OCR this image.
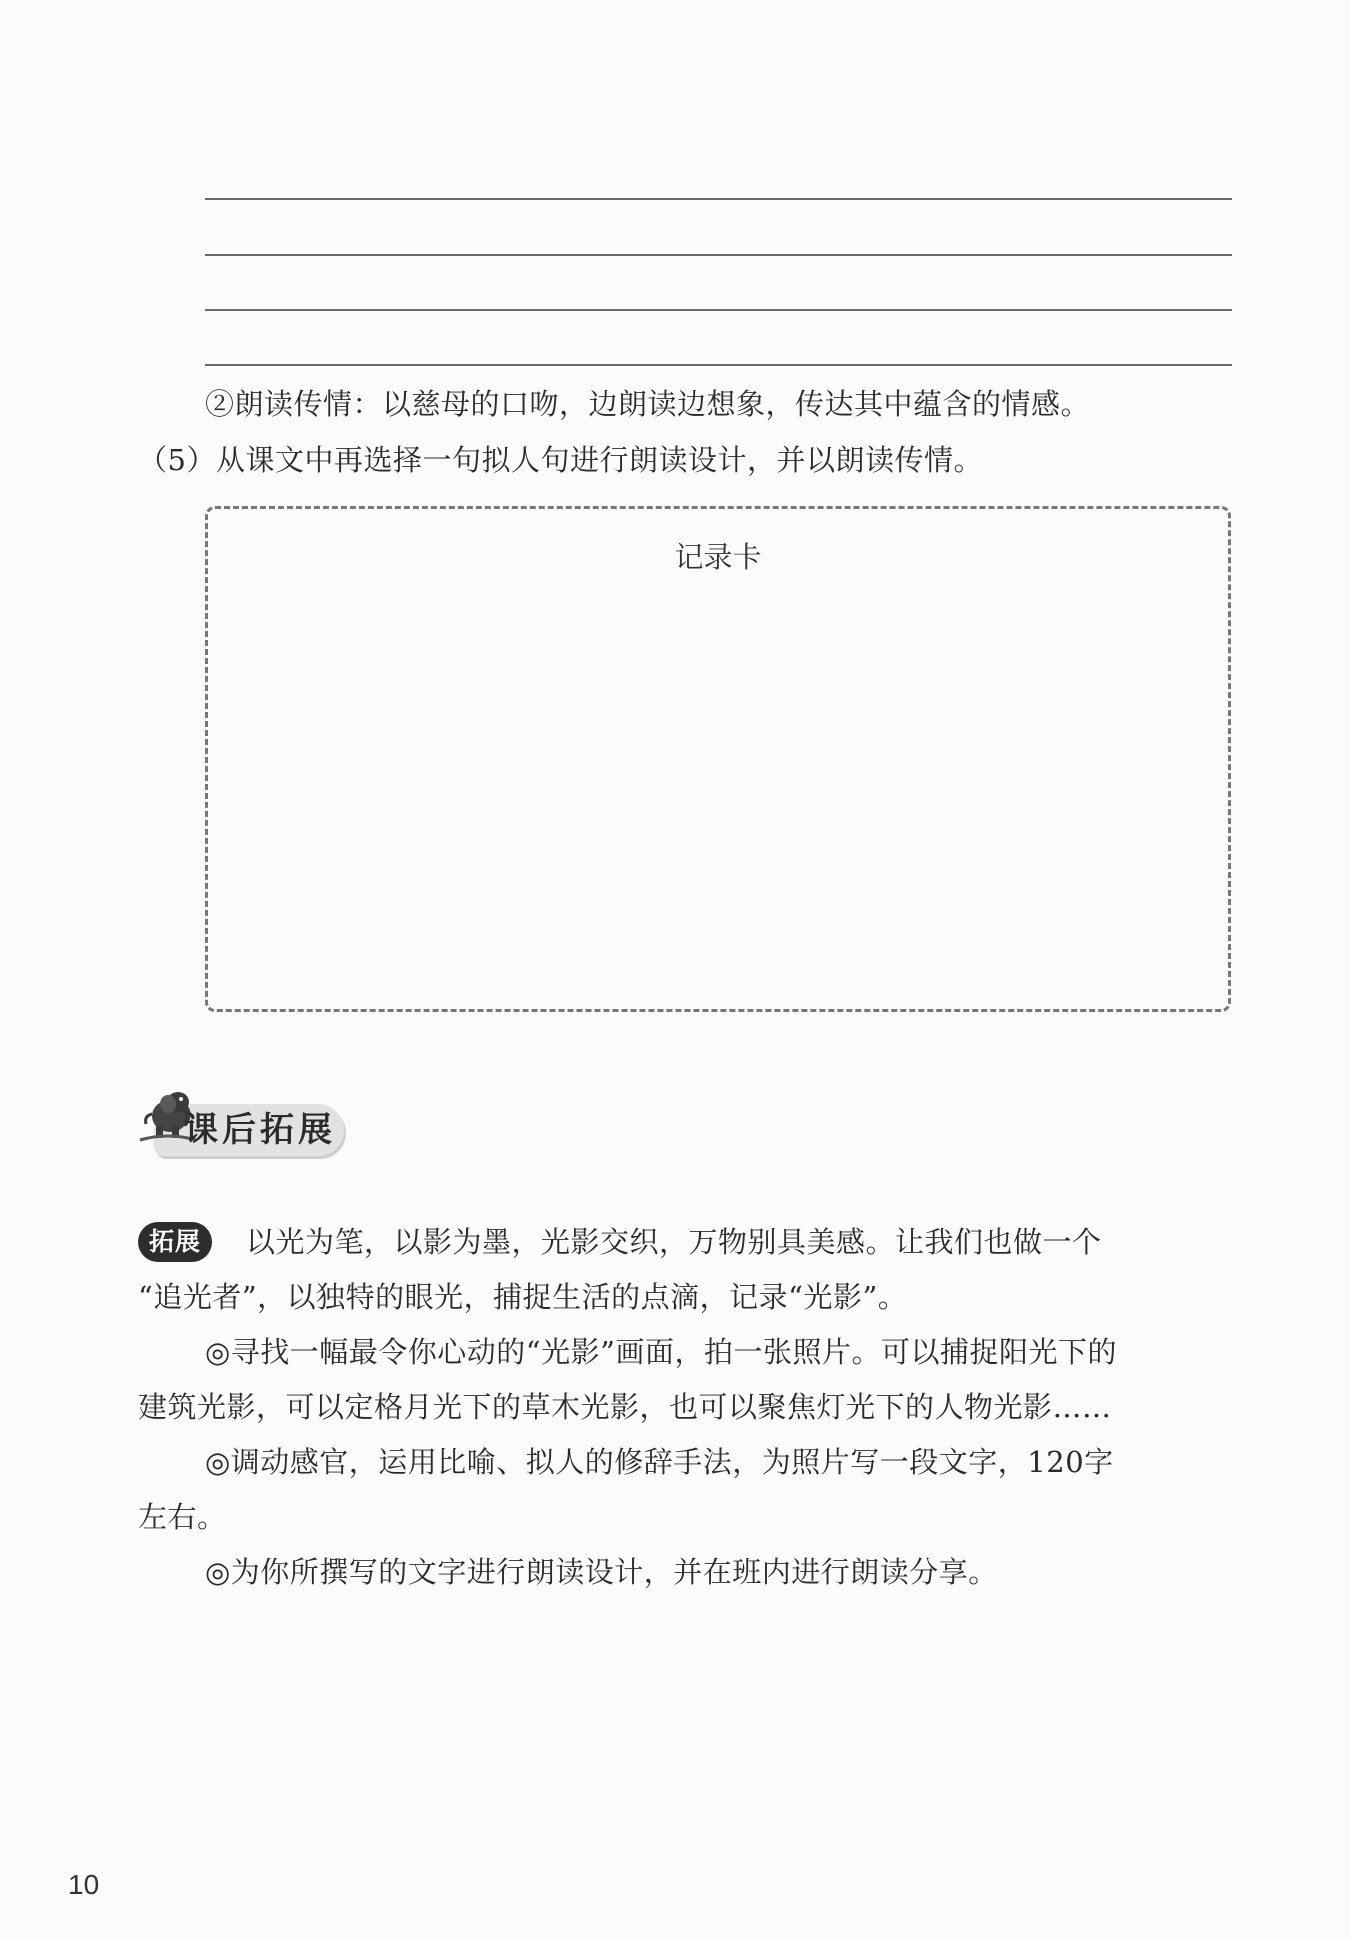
②朗读传情：以慈母的口吻，边朗读边想象，传达其中蕴含的情感。
（5）从课文中再选择一句拟人句进行朗读设计，并以朗读传情。
记录卡
课后拓展
拓展	以光为笔，以影为墨，光影交织，万物别具美感。让我们也做一个
“追光者”，以独特的眼光，捕捉生活的点滴，记录“光影”。
◎寻找一幅最令你心动的“光影”画面，拍一张照片。可以捕捉阳光下的
建筑光影，可以定格月光下的草木光影，也可以聚焦灯光下的人物光影……
◎调动感官，运用比喻、拟人的修辞手法，为照片写一段文字，120字
左右。
◎为你所撰写的文字进行朗读设计，并在班内进行朗读分享。
10
